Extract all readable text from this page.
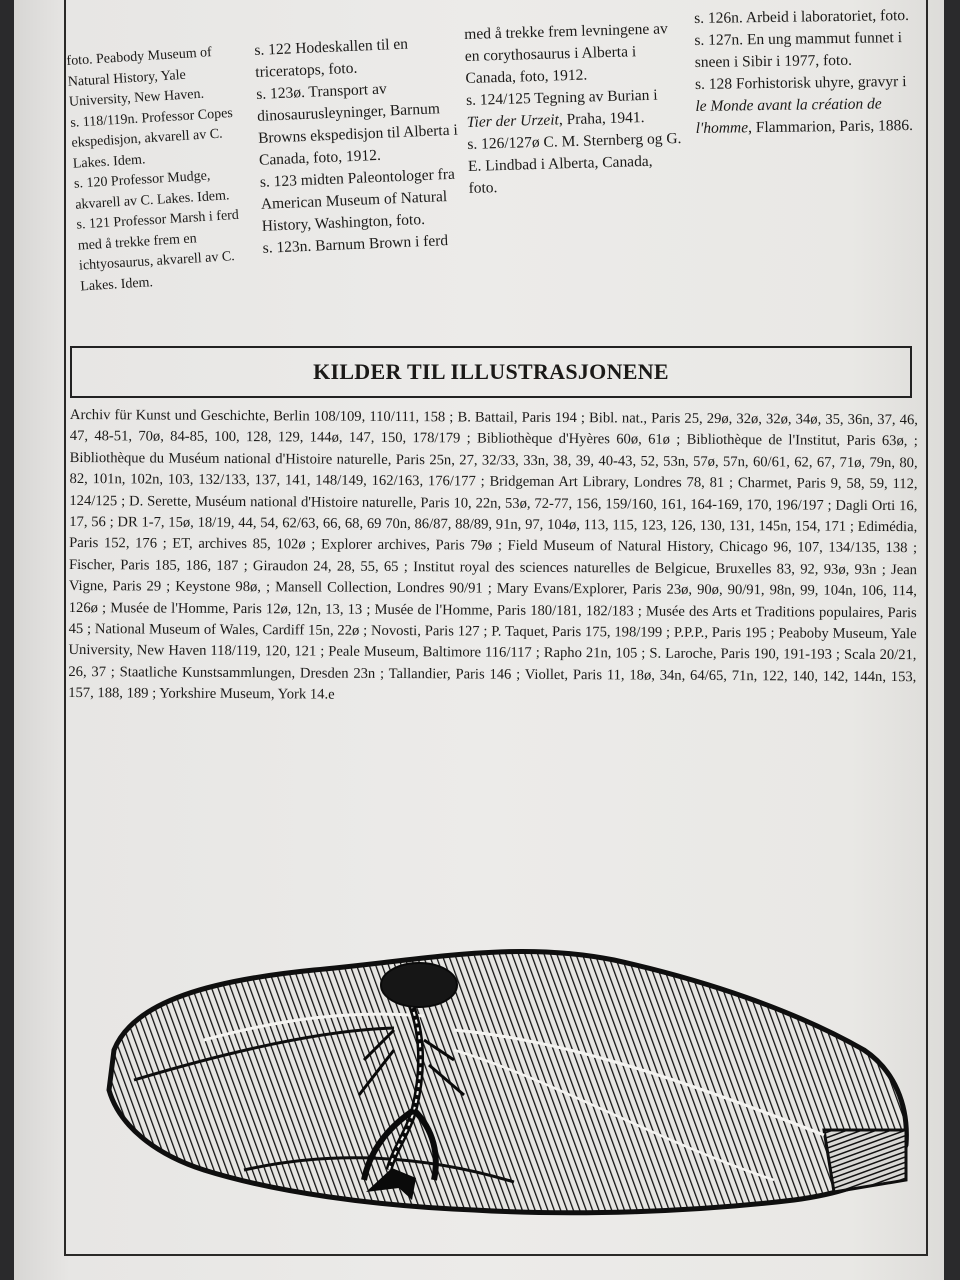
foto. Peabody Museum of Natural History, Yale University, New Haven.

s. 118/119n. Professor Copes ekspedisjon, akvarell av C. Lakes. Idem.

s. 120 Professor Mudge, akvarell av C. Lakes. Idem.

s. 121 Professor Marsh i ferd med å trekke frem en ichtyosaurus, akvarell av C. Lakes. Idem.

s. 122 Hodeskallen til en triceratops, foto.

s. 123ø. Transport av dinosaurusleyninger, Barnum Browns ekspedisjon til Alberta i Canada, foto, 1912.

s. 123 midten Paleontologer fra American Museum of Natural History, Washington, foto.

s. 123n. Barnum Brown i ferd

med å trekke frem levningene av en corythosaurus i Alberta i Canada, foto, 1912.

s. 124/125 Tegning av Burian i Tier der Urzeit, Praha, 1941.

s. 126/127ø C. M. Sternberg og G. E. Lindbad i Alberta, Canada, foto.

s. 126n. Arbeid i laboratoriet, foto.

s. 127n. En ung mammut funnet i sneen i Sibir i 1977, foto.

s. 128 Forhistorisk uhyre, gravyr i le Monde avant la création de l'homme, Flammarion, Paris, 1886.

KILDER TIL ILLUSTRASJONENE
Archiv für Kunst und Geschichte, Berlin 108/109, 110/111, 158 ; B. Battail, Paris 194 ; Bibl. nat., Paris 25, 29ø, 32ø, 32ø, 34ø, 35, 36n, 37, 46, 47, 48-51, 70ø, 84-85, 100, 128, 129, 144ø, 147, 150, 178/179 ; Bibliothèque d'Hyères 60ø, 61ø ; Bibliothèque de l'Institut, Paris 63ø, ; Bibliothèque du Muséum national d'Histoire naturelle, Paris 25n, 27, 32/33, 33n, 38, 39, 40-43, 52, 53n, 57ø, 57n, 60/61, 62, 67, 71ø, 79n, 80, 82, 101n, 102n, 103, 132/133, 137, 141, 148/149, 162/163, 176/177 ; Bridgeman Art Library, Londres 78, 81 ; Charmet, Paris 9, 58, 59, 112, 124/125 ; D. Serette, Muséum national d'Histoire naturelle, Paris 10, 22n, 53ø, 72-77, 156, 159/160, 161, 164-169, 170, 196/197 ; Dagli Orti 16, 17, 56 ; DR 1-7, 15ø, 18/19, 44, 54, 62/63, 66, 68, 69 70n, 86/87, 88/89, 91n, 97, 104ø, 113, 115, 123, 126, 130, 131, 145n, 154, 171 ; Edimédia, Paris 152, 176 ; ET, archives 85, 102ø ; Explorer archives, Paris 79ø ; Field Museum of Natural History, Chicago 96, 107, 134/135, 138 ; Fischer, Paris 185, 186, 187 ; Giraudon 24, 28, 55, 65 ; Institut royal des sciences naturelles de Belgicue, Bruxelles 83, 92, 93ø, 93n ; Jean Vigne, Paris 29 ; Keystone 98ø, ; Mansell Collection, Londres 90/91 ; Mary Evans/Explorer, Paris 23ø, 90ø, 90/91, 98n, 99, 104n, 106, 114, 126ø ; Musée de l'Homme, Paris 12ø, 12n, 13, 13 ; Musée de l'Homme, Paris 180/181, 182/183 ; Musée des Arts et Traditions populaires, Paris 45 ; National Museum of Wales, Cardiff 15n, 22ø ; Novosti, Paris 127 ; P. Taquet, Paris 175, 198/199 ; P.P.P., Paris 195 ; Peaboby Museum, Yale University, New Haven 118/119, 120, 121 ; Peale Museum, Baltimore 116/117 ; Rapho 21n, 105 ; S. Laroche, Paris 190, 191-193 ; Scala 20/21, 26, 37 ; Staatliche Kunstsammlungen, Dresden 23n ; Tallandier, Paris 146 ; Viollet, Paris 11, 18ø, 34n, 64/65, 71n, 122, 140, 142, 144n, 153, 157, 188, 189 ; Yorkshire Museum, York 14.e
